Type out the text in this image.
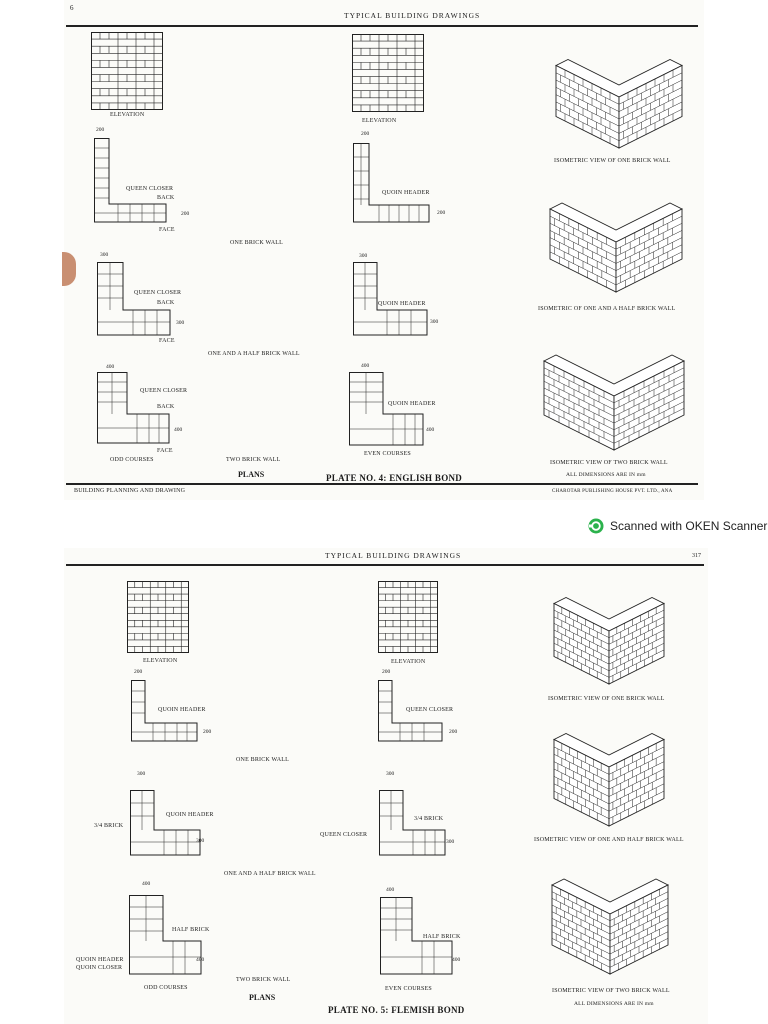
6
TYPICAL BUILDING DRAWINGS
ELEVATION
ELEVATION
200
QUEEN CLOSER
BACK
200
FACE
ONE BRICK WALL
200
QUOIN HEADER
200
300
QUEEN CLOSER
BACK
300
FACE
300
QUOIN HEADER
300
ONE AND A HALF BRICK WALL
400
QUEEN CLOSER
BACK
400
FACE
ODD COURSES
400
QUOIN HEADER
400
EVEN COURSES
TWO BRICK WALL
PLANS	PLATE NO. 4: ENGLISH BOND
ISOMETRIC VIEW OF ONE BRICK WALL
ISOMETRIC OF ONE AND A HALF BRICK WALL
ISOMETRIC VIEW OF TWO BRICK WALL
ALL DIMENSIONS ARE IN mm
BUILDING PLANNING AND DRAWING	CHAROTAR PUBLISHING HOUSE PVT. LTD., ANA
Scanned with OKEN Scanner
TYPICAL BUILDING DRAWINGS	317
ELEVATION	ELEVATION
200
QUOIN HEADER
200
200
QUEEN CLOSER
200
ONE BRICK WALL
300
QUOIN HEADER
3/4 BRICK
300
300
3/4 BRICK
QUEEN CLOSER
300
ONE AND A HALF BRICK WALL
400
HALF BRICK
QUOIN HEADER
QUOIN CLOSER
400
ODD COURSES
400
HALF BRICK
400
EVEN COURSES
TWO BRICK WALL
PLANS
PLATE NO. 5: FLEMISH BOND
ISOMETRIC VIEW OF ONE BRICK WALL
ISOMETRIC VIEW OF ONE AND HALF BRICK WALL
ISOMETRIC VIEW OF TWO BRICK WALL
ALL DIMENSIONS ARE IN mm
